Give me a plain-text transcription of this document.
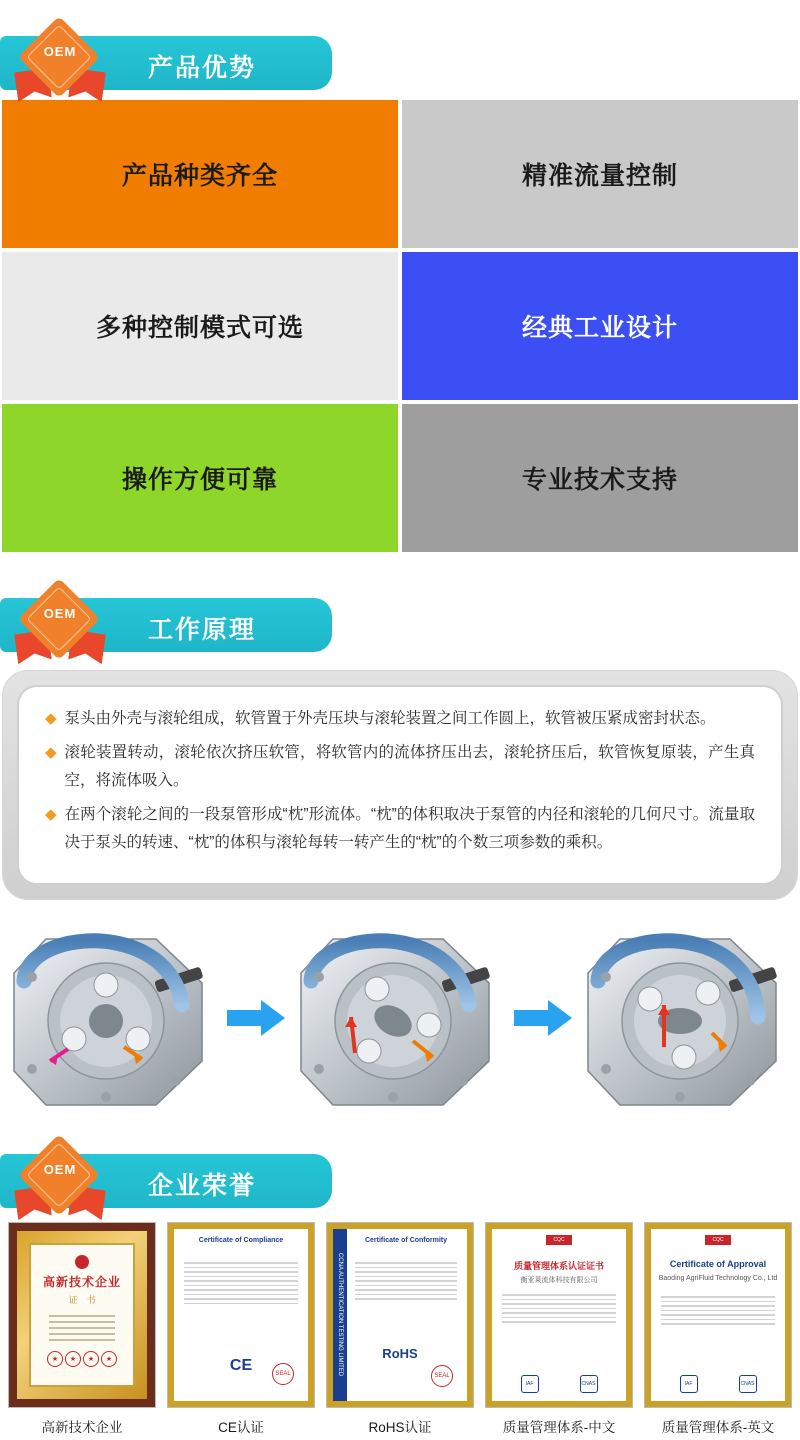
产品优势
OEM
产品种类齐全	精准流量控制
多种控制模式可选	经典工业设计
操作方便可靠	专业技术支持
工作原理
OEM
◆ 泵头由外壳与滚轮组成，软管置于外壳压块与滚轮装置之间工作圆上，软管被压紧成密封状态。
◆ 滚轮装置转动，滚轮依次挤压软管，将软管内的流体挤压出去，滚轮挤压后，软管恢复原装，产生真空，将流体吸入。
◆ 在两个滚轮之间的一段泵管形成“枕”形流体。“枕”的体积取决于泵管的内径和滚轮的几何尺寸。流量取决于泵头的转速、“枕”的体积与滚轮每转一转产生的“枕”的个数三项参数的乘积。
企业荣誉
OEM
高新技术企业
证　书
★	★	★	★
高新技术企业
Certificate of Compliance
CE	SEAL
CE认证
CCNA AUTHENTICATION TESTING LIMITED
Certificate of Conformity
RoHS
SEAL
RoHS认证
CQC
质量管理体系认证证书
衡亚莱流体科技有限公司
IAF	CNAS
质量管理体系-中文
CQC
Certificate of Approval
Baoding AgriFluid Technology Co., Ltd
IAF	CNAS
质量管理体系-英文
